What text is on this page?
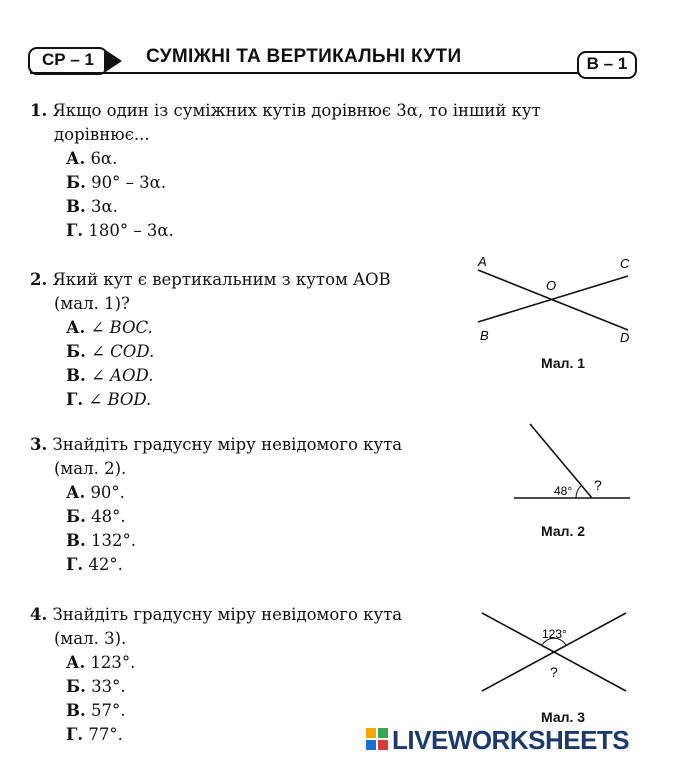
СР – 1	СУМІЖНІ ТА ВЕРТИКАЛЬНІ КУТИ	В – 1
1. Якщо один із суміжних кутів дорівнює 3α, то інший кут
дорівнює...
А. 6α.
Б. 90° – 3α.
В. 3α.
Г. 180° – 3α.
2. Який кут є вертикальним з кутом AOB
(мал. 1)?
А. ∠ BOC.
Б. ∠ COD.
В. ∠ AOD.
Г. ∠ BOD.
A	C
O
B	D
Мал. 1
3. Знайдіть градусну міру невідомого кута
(мал. 2).
А. 90°.
Б. 48°.
В. 132°.
Г. 42°.
48° ?
Мал. 2
4. Знайдіть градусну міру невідомого кута
(мал. 3).
А. 123°.
Б. 33°.
В. 57°.
Г. 77°.
123°
?
Мал. 3
LIVEWORKSHEETS
